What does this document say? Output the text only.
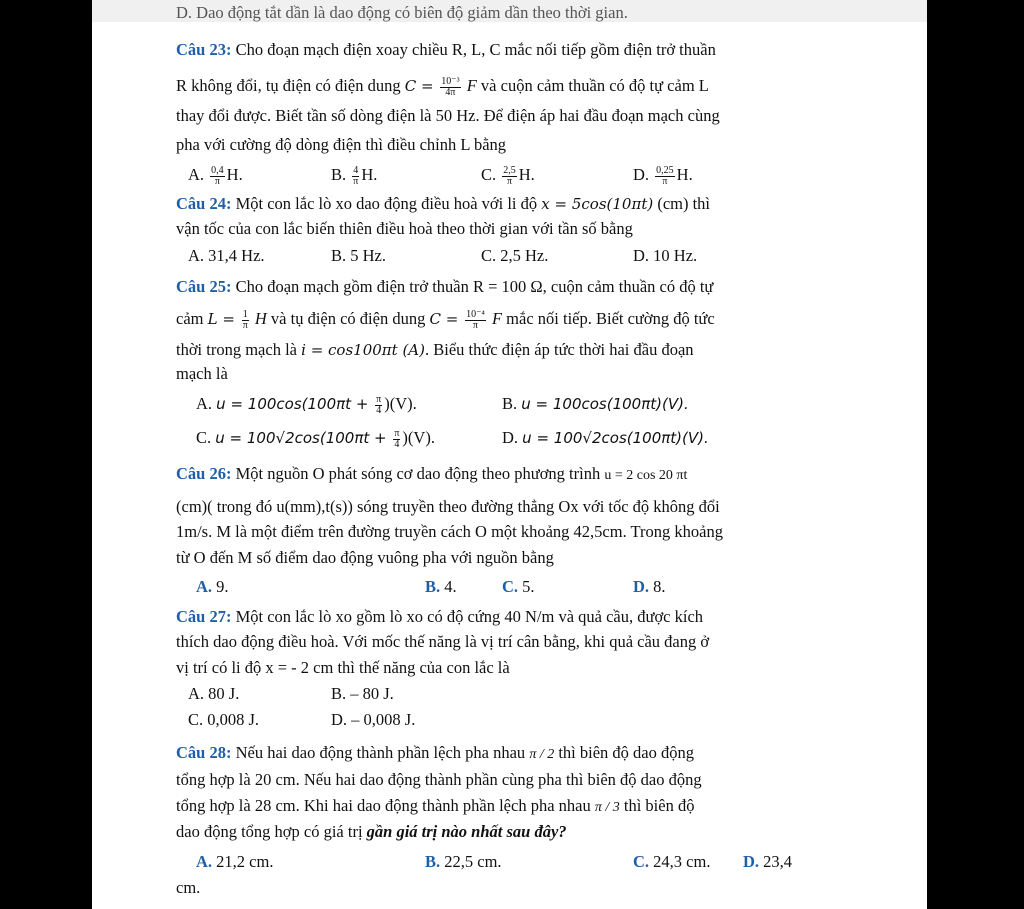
D. Dao động tắt dần là dao động có biên độ giảm dần theo thời gian.
Câu 23: Cho đoạn mạch điện xoay chiều R, L, C mắc nối tiếp gồm điện trở thuần
R không đổi, tụ điện có điện dung $C = \frac{\text{10⁻³}}{4\pi}$ F và cuộn cảm thuần có độ tự cảm L
thay đổi được. Biết tần số dòng điện là 50 Hz. Để điện áp hai đầu đoạn mạch cùng
pha với cường độ dòng điện thì điều chỉnh L bằng
A. $\frac{0,4}{\pi} H$.	B. $\frac{4}{\pi} H$.	C. $\frac{2,5}{\pi} H$.	D. $\frac{0,25}{\pi} H$.
Câu 24: Một con lắc lò xo dao động điều hoà với li độ x = 5cos(10πt) (cm) thì
vận tốc của con lắc biến thiên điều hoà theo thời gian với tần số bằng
A. 31,4 Hz.	B. 5 Hz.	C. 2,5 Hz.	D. 10 Hz.
Câu 25: Cho đoạn mạch gồm điện trở thuần R = 100 Ω, cuộn cảm thuần có độ tự
cảm $L = \frac{1}{\pi}$ H và tụ điện có điện dung $C = \frac{\text{10⁻⁴}}{\pi}$ F mắc nối tiếp. Biết cường độ tức
thời trong mạch là i = cos100πt (A). Biểu thức điện áp tức thời hai đầu đoạn
mạch là
A. $u = 100\cos(100\pi t + \frac{\pi}{4} )(V)$.	B. u = 100cos(100πt)(V).
C. $u = 100√2\cos(100\pi t + \frac{\pi}{4} )(V)$.	D. u = 100√2cos(100πt)(V).
Câu 26: Một nguồn O phát sóng cơ dao động theo phương trình u = 2 cos 20 πt
(cm)( trong đó u(mm),t(s)) sóng truyền theo đường thẳng Ox với tốc độ không đổi
1m/s. M là một điểm trên đường truyền cách O một khoảng 42,5cm. Trong khoảng
từ O đến M số điểm dao động vuông pha với nguồn bằng
A. 9.	B. 4.	C. 5.	D. 8.
Câu 27: Một con lắc lò xo gồm lò xo có độ cứng 40 N/m và quả cầu, được kích
thích dao động điều hoà. Với mốc thế năng là vị trí cân bằng, khi quả cầu đang ở
vị trí có li độ x = - 2 cm thì thế năng của con lắc là
A. 80 J.	B. – 80 J.
C. 0,008 J.	D. – 0,008 J.
Câu 28: Nếu hai dao động thành phần lệch pha nhau π / 2 thì biên độ dao động
tổng hợp là 20 cm. Nếu hai dao động thành phần cùng pha thì biên độ dao động
tổng hợp là 28 cm. Khi hai dao động thành phần lệch pha nhau π / 3 thì biên độ
dao động tổng hợp có giá trị gần giá trị nào nhất sau đây?
A. 21,2 cm.	B. 22,5 cm.	C. 24,3 cm. D. 23,4
cm.
